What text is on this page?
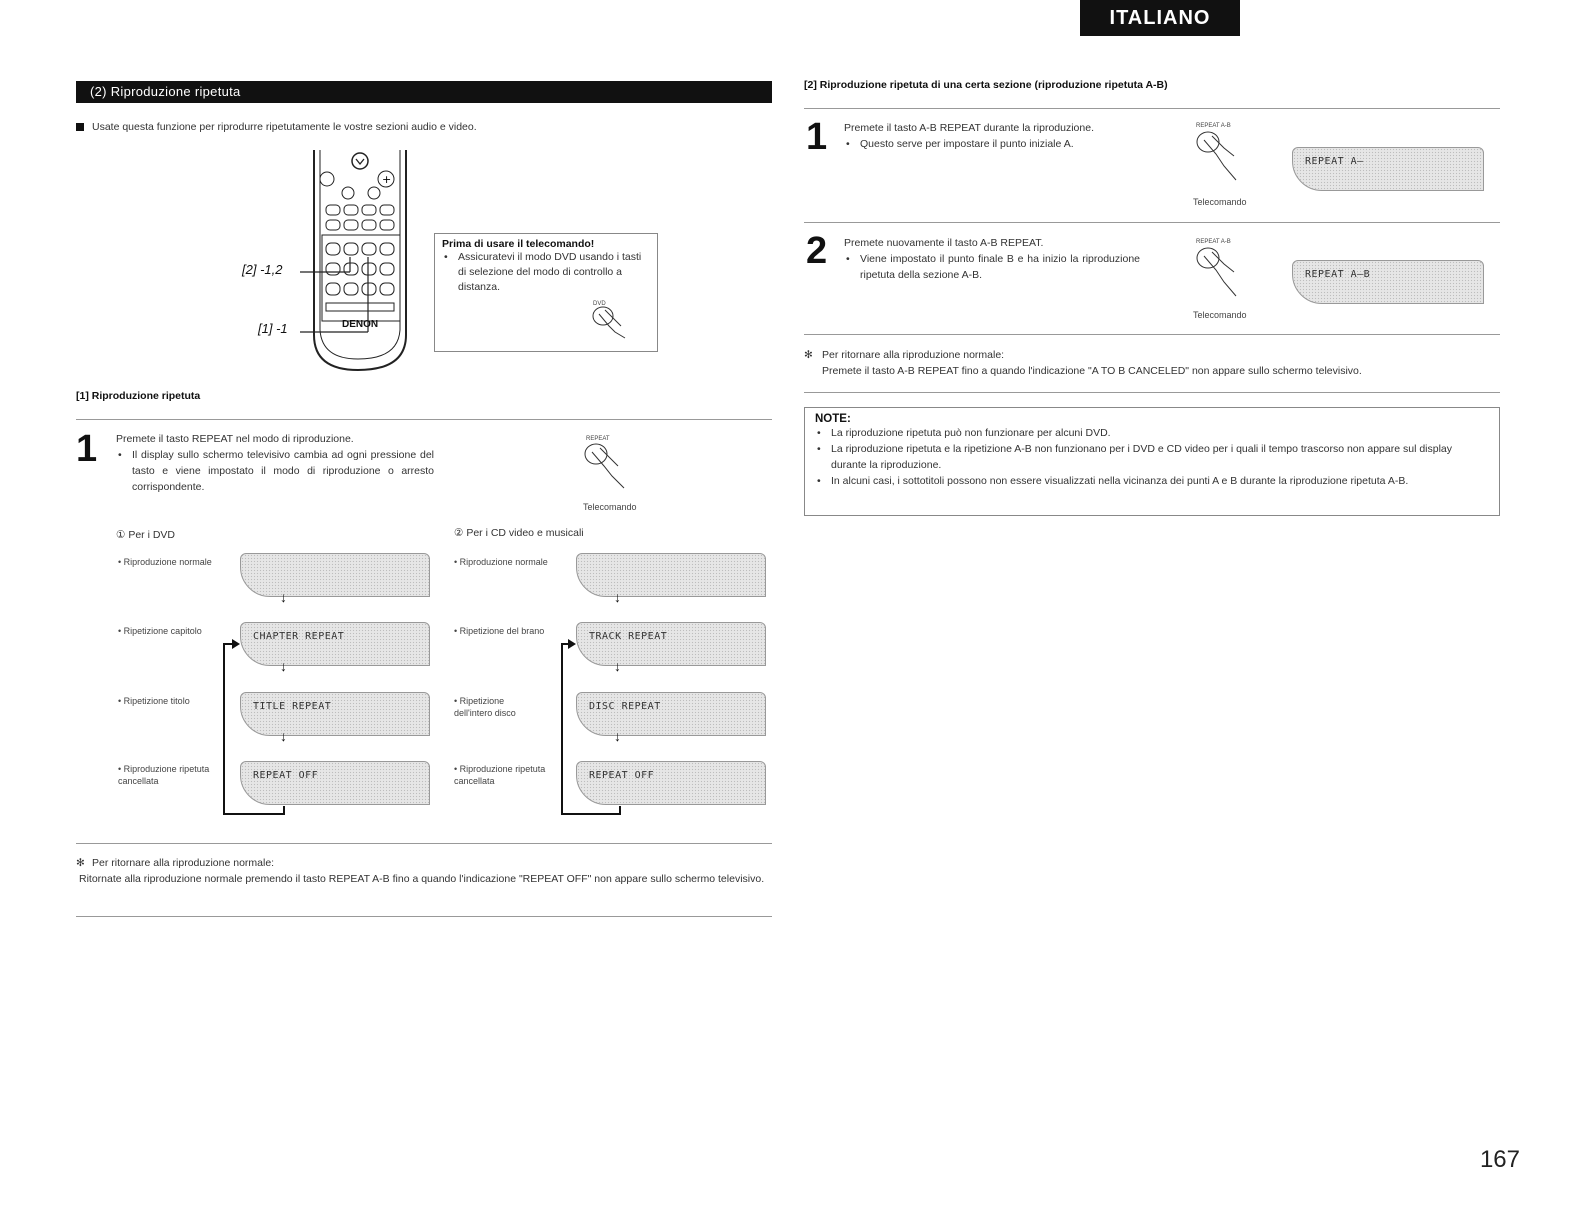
ITALIANO
(2) Riproduzione ripetuta
Usate questa funzione per riprodurre ripetutamente le vostre sezioni audio e video.
+
DENON
[2] -1,2
[1] -1
Prima di usare il telecomando!
• Assicuratevi il modo DVD usando i tasti di selezione del modo di controllo a distanza.
DVD
[1] Riproduzione ripetuta
1 Premete il tasto REPEAT nel modo di riproduzione.
• Il display sullo schermo televisivo cambia ad ogni pressione del tasto e viene impostato il modo di riproduzione o arresto corrispondente.
REPEAT
Telecomando
① Per i DVD	② Per i CD video e musicali
• Riproduzione normale
↓
• Ripetizione capitolo	CHAPTER REPEAT
↓
• Ripetizione titolo	TITLE REPEAT
↓
• Riproduzione ripetuta cancellata	REPEAT OFF
• Riproduzione normale
↓
• Ripetizione del brano	TRACK REPEAT
↓
• Ripetizione dell'intero disco
DISC REPEAT
↓
• Riproduzione ripetuta cancellata	REPEAT OFF
✻ Per ritornare alla riproduzione normale:
Ritornate alla riproduzione normale premendo il tasto REPEAT A-B fino a quando l'indicazione "REPEAT OFF" non appare sullo schermo televisivo.
[2] Riproduzione ripetuta di una certa sezione (riproduzione ripetuta A-B)
1 Premete il tasto A-B REPEAT durante la riproduzione.
• Questo serve per impostare il punto iniziale A.
REPEAT A-B
Telecomando
REPEAT A—
2 Premete nuovamente il tasto A-B REPEAT.
• Viene impostato il punto finale B e ha inizio la riproduzione ripetuta della sezione A-B.
REPEAT A-B
Telecomando
REPEAT A—B
✻ Per ritornare alla riproduzione normale:
Premete il tasto A-B REPEAT fino a quando l'indicazione "A TO B CANCELED" non appare sullo schermo televisivo.
NOTE:
• La riproduzione ripetuta può non funzionare per alcuni DVD.
• La riproduzione ripetuta e la ripetizione A-B non funzionano per i DVD e CD video per i quali il tempo trascorso non appare sul display durante la riproduzione.
• In alcuni casi, i sottotitoli possono non essere visualizzati nella vicinanza dei punti A e B durante la riproduzione ripetuta A-B.
167
